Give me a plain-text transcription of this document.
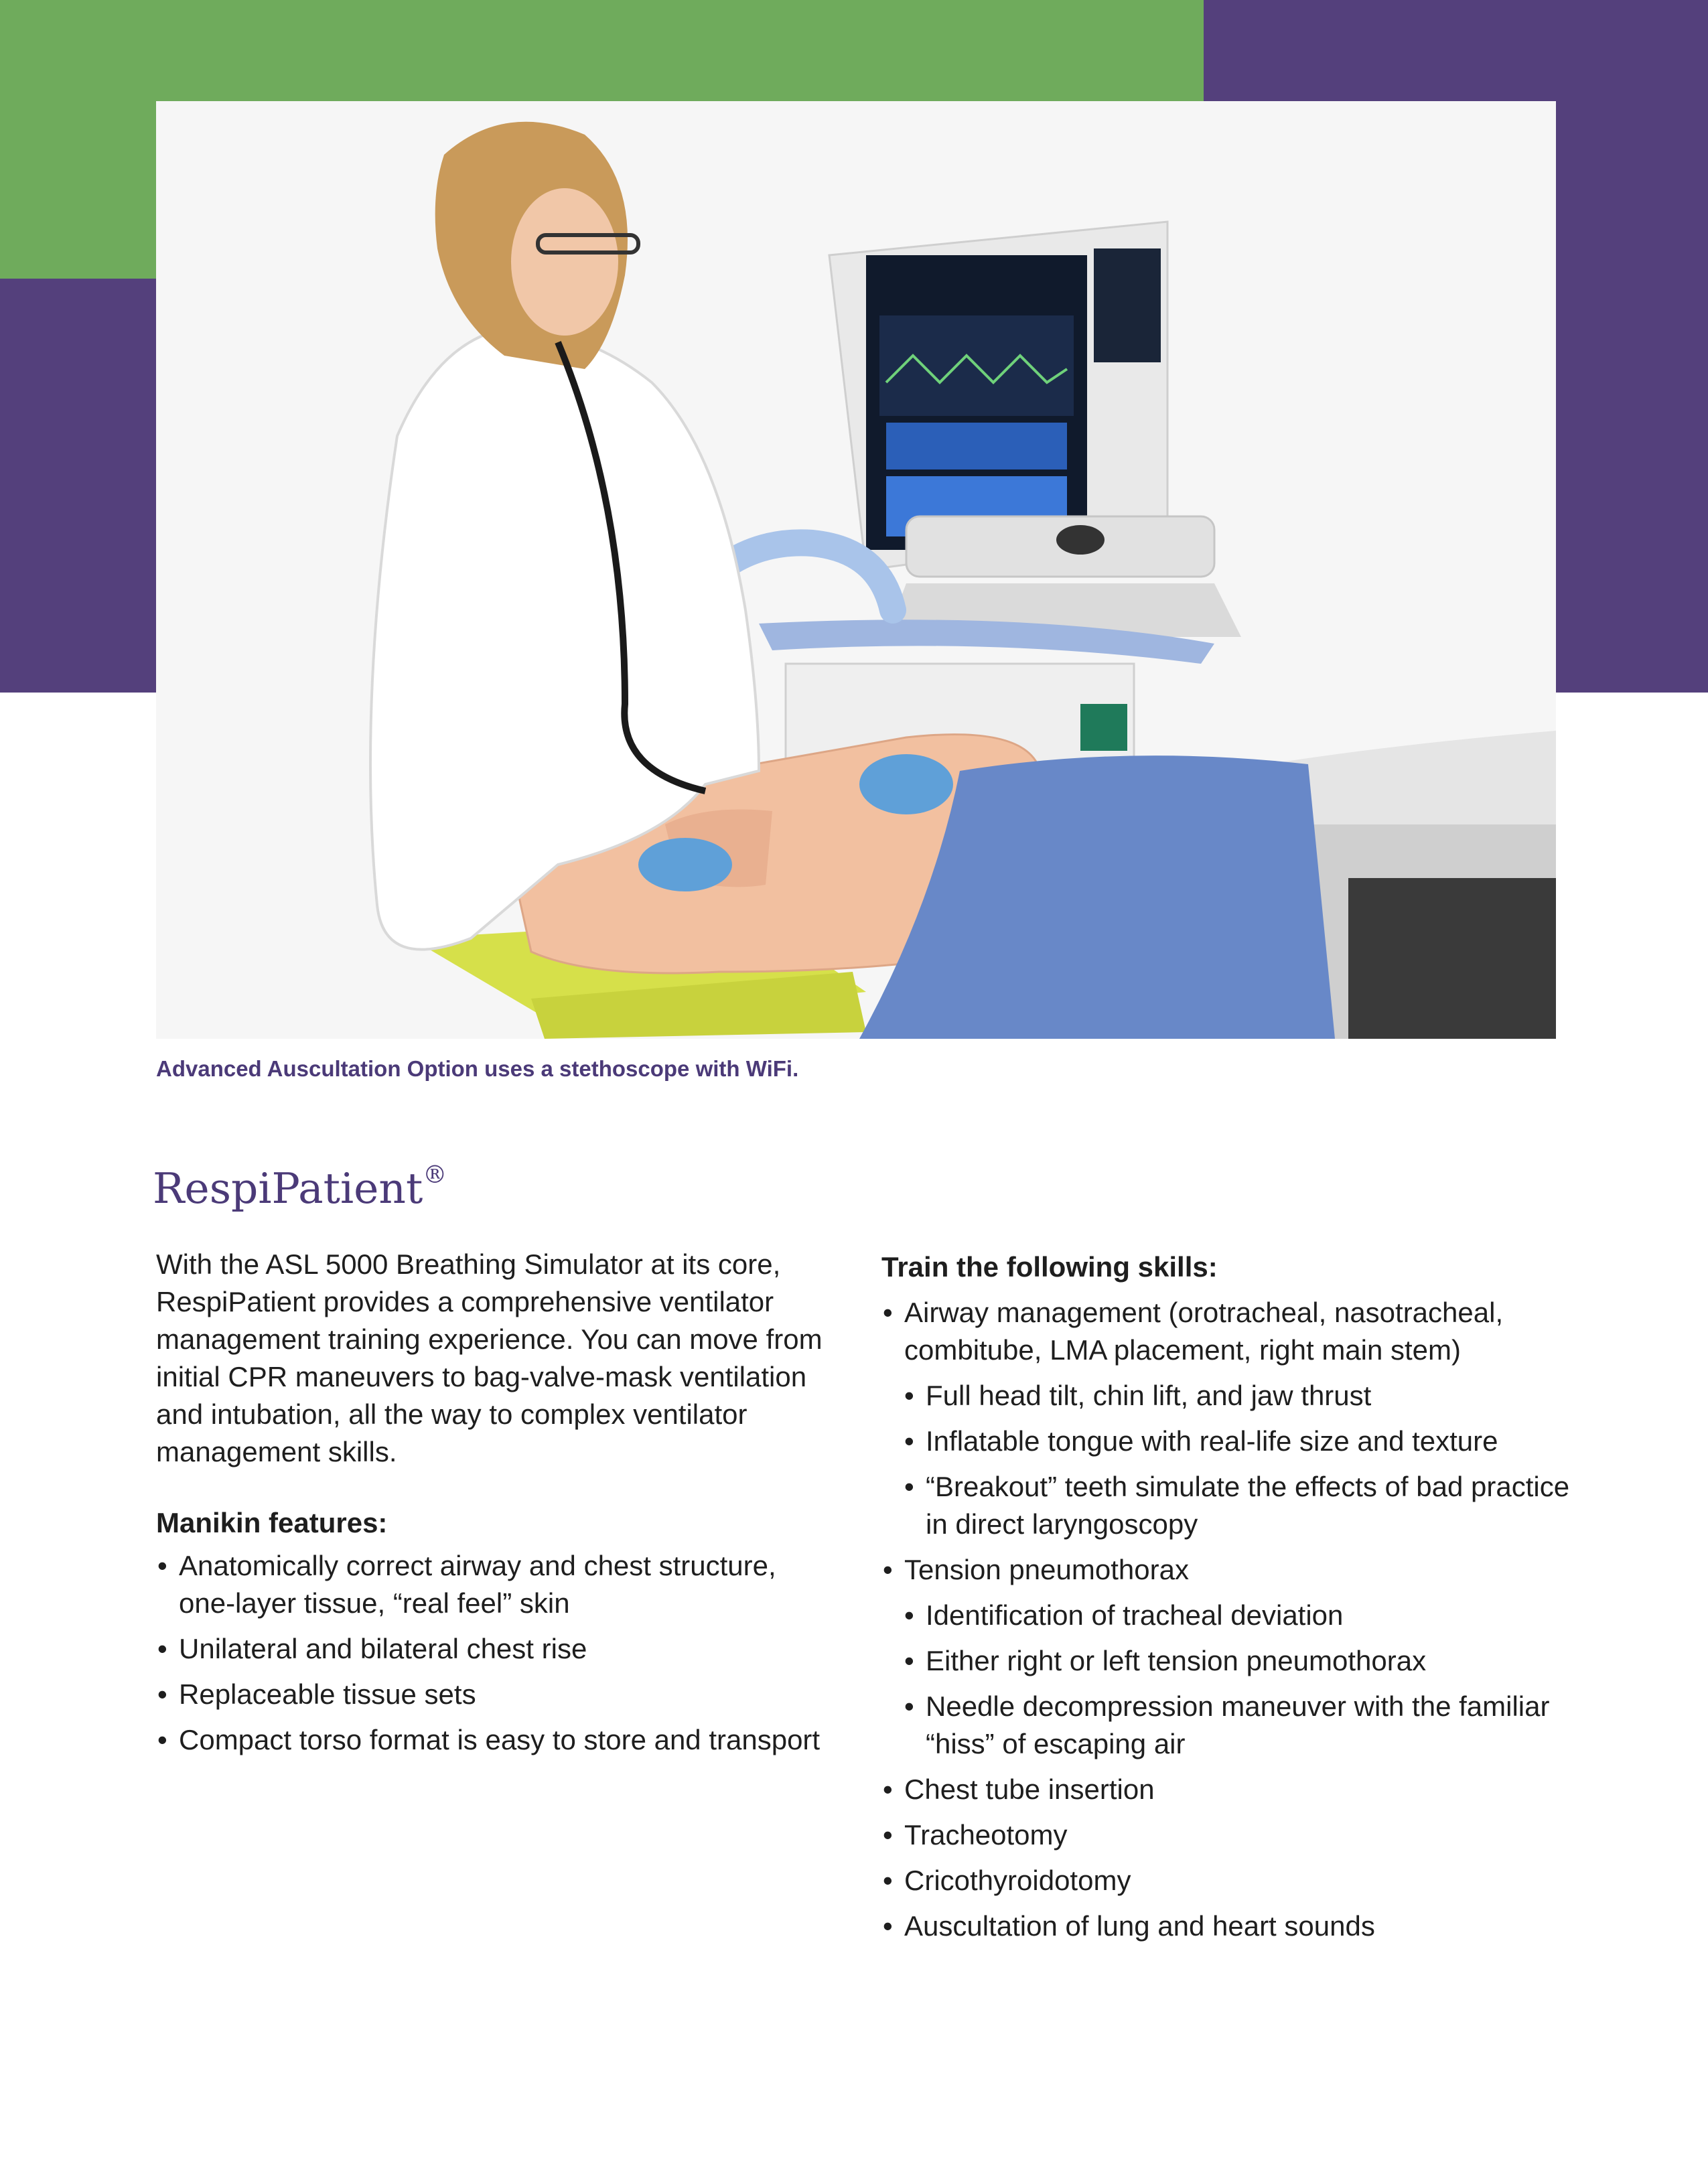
Advanced Auscultation Option uses a stethoscope with WiFi.
RespiPatient®

With the ASL 5000 Breathing Simulator at its core, RespiPatient provides a comprehensive ventilator management training experience. You can move from initial CPR maneuvers to bag-valve-mask ventilation and intubation, all the way to complex ventilator management skills.

Manikin features:

• Anatomically correct airway and chest structure, one-layer tissue, “real feel” skin
• Unilateral and bilateral chest rise
• Replaceable tissue sets
• Compact torso format is easy to store and transport

Train the following skills:

• Airway management (orotracheal, nasotracheal, combitube, LMA placement, right main stem)
• Full head tilt, chin lift, and jaw thrust
• Inflatable tongue with real-life size and texture
• “Breakout” teeth simulate the effects of bad practice in direct laryngoscopy
• Tension pneumothorax
• Identification of tracheal deviation
• Either right or left tension pneumothorax
• Needle decompression maneuver with the familiar “hiss” of escaping air
• Chest tube insertion
• Tracheotomy
• Cricothyroidotomy
• Auscultation of lung and heart sounds
